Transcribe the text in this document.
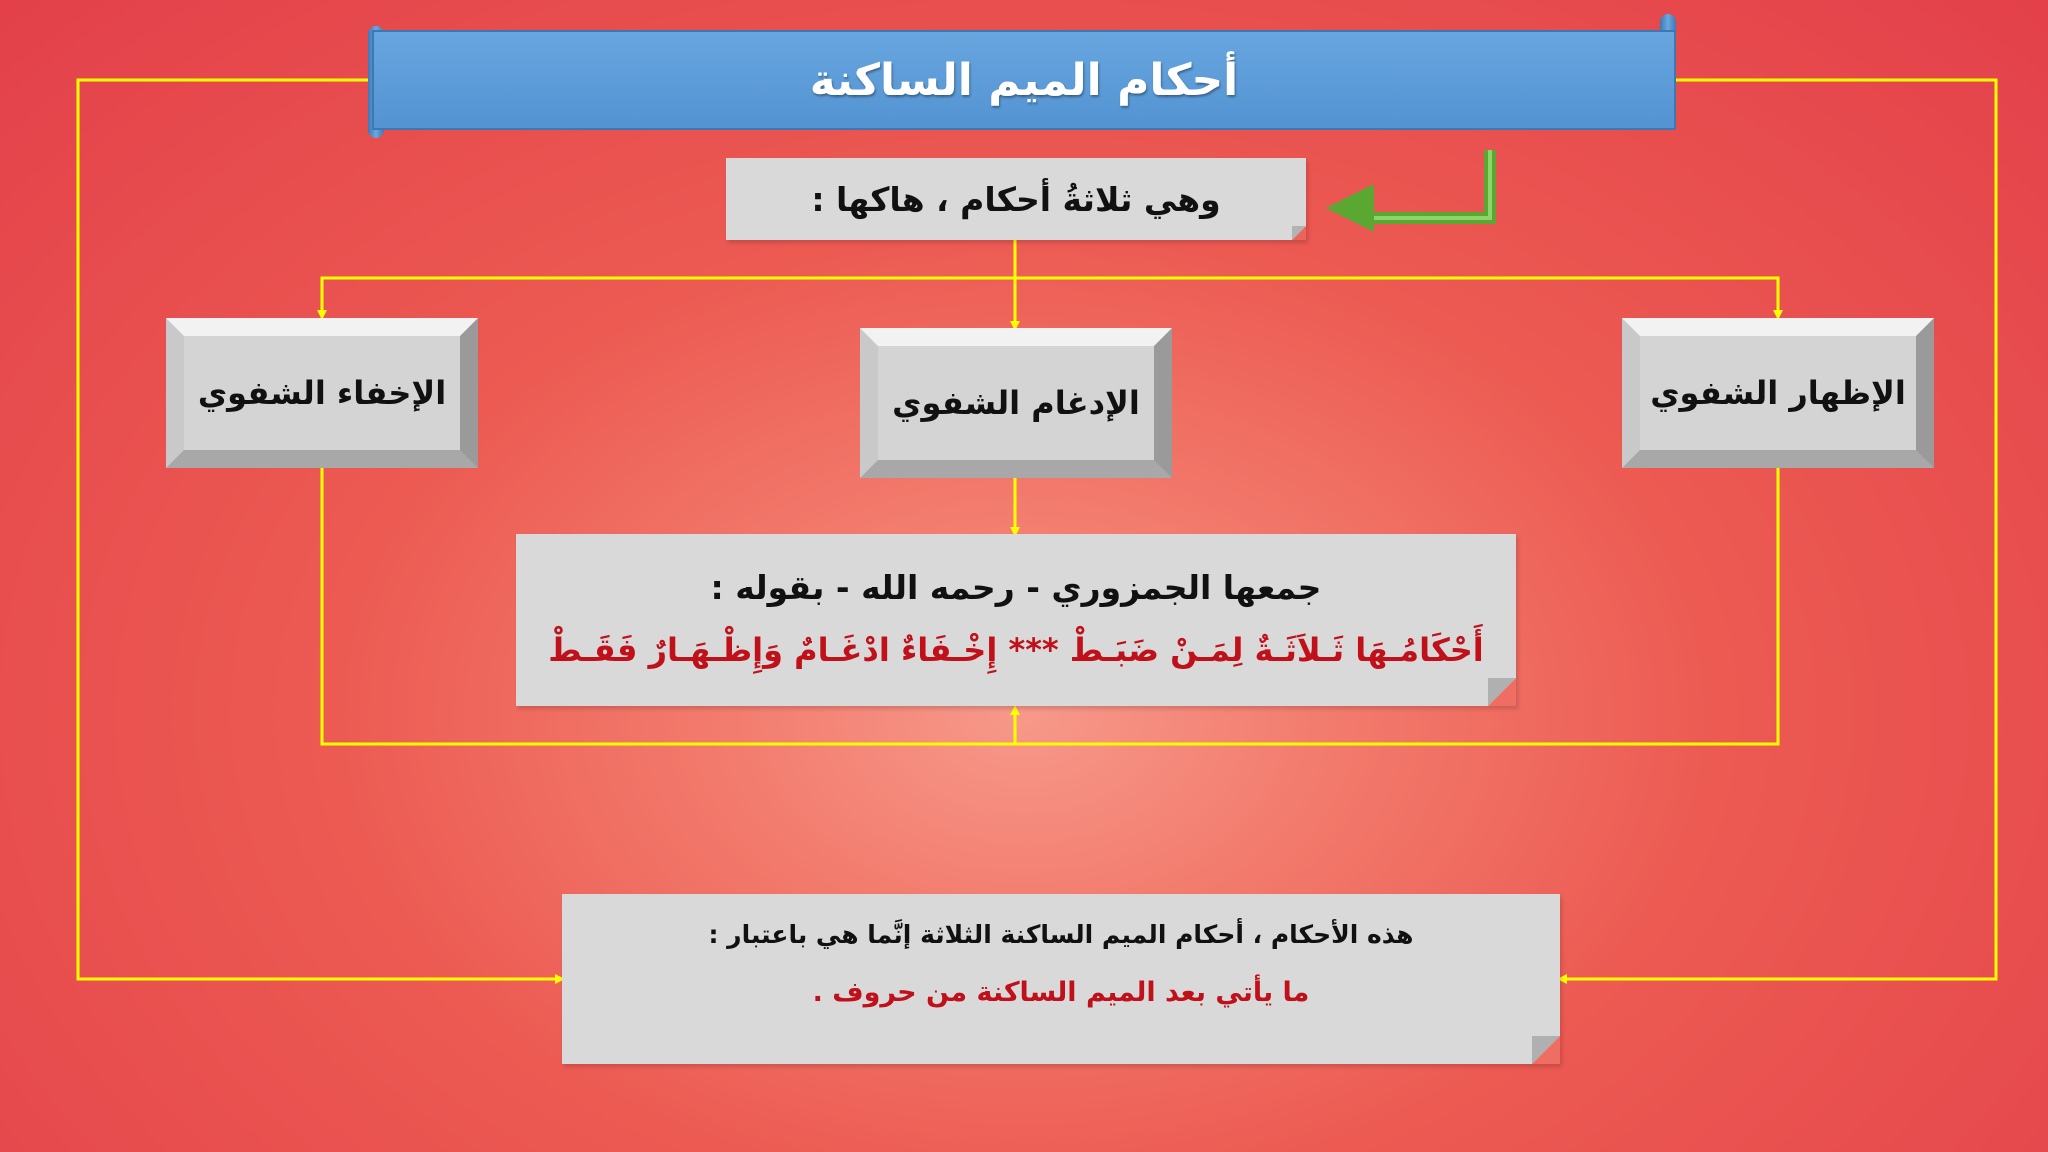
أحكام الميم الساكنة
وهي ثلاثةُ أحكام ، هاكها :
الإخفاء الشفوي	الإدغام الشفوي	الإظهار الشفوي
جمعها الجمزوري - رحمه الله - بقوله :
أَحْكَامُـهَا ثَـلاَثَـةٌ لِمَـنْ ضَبَـطْ *** إِخْـفَاءٌ ادْغَـامٌ وَإِظْـهَـارٌ فَقَـطْ
هذه الأحكام ، أحكام الميم الساكنة الثلاثة إنَّما هي باعتبار :
ما يأتي بعد الميم الساكنة من حروف .
